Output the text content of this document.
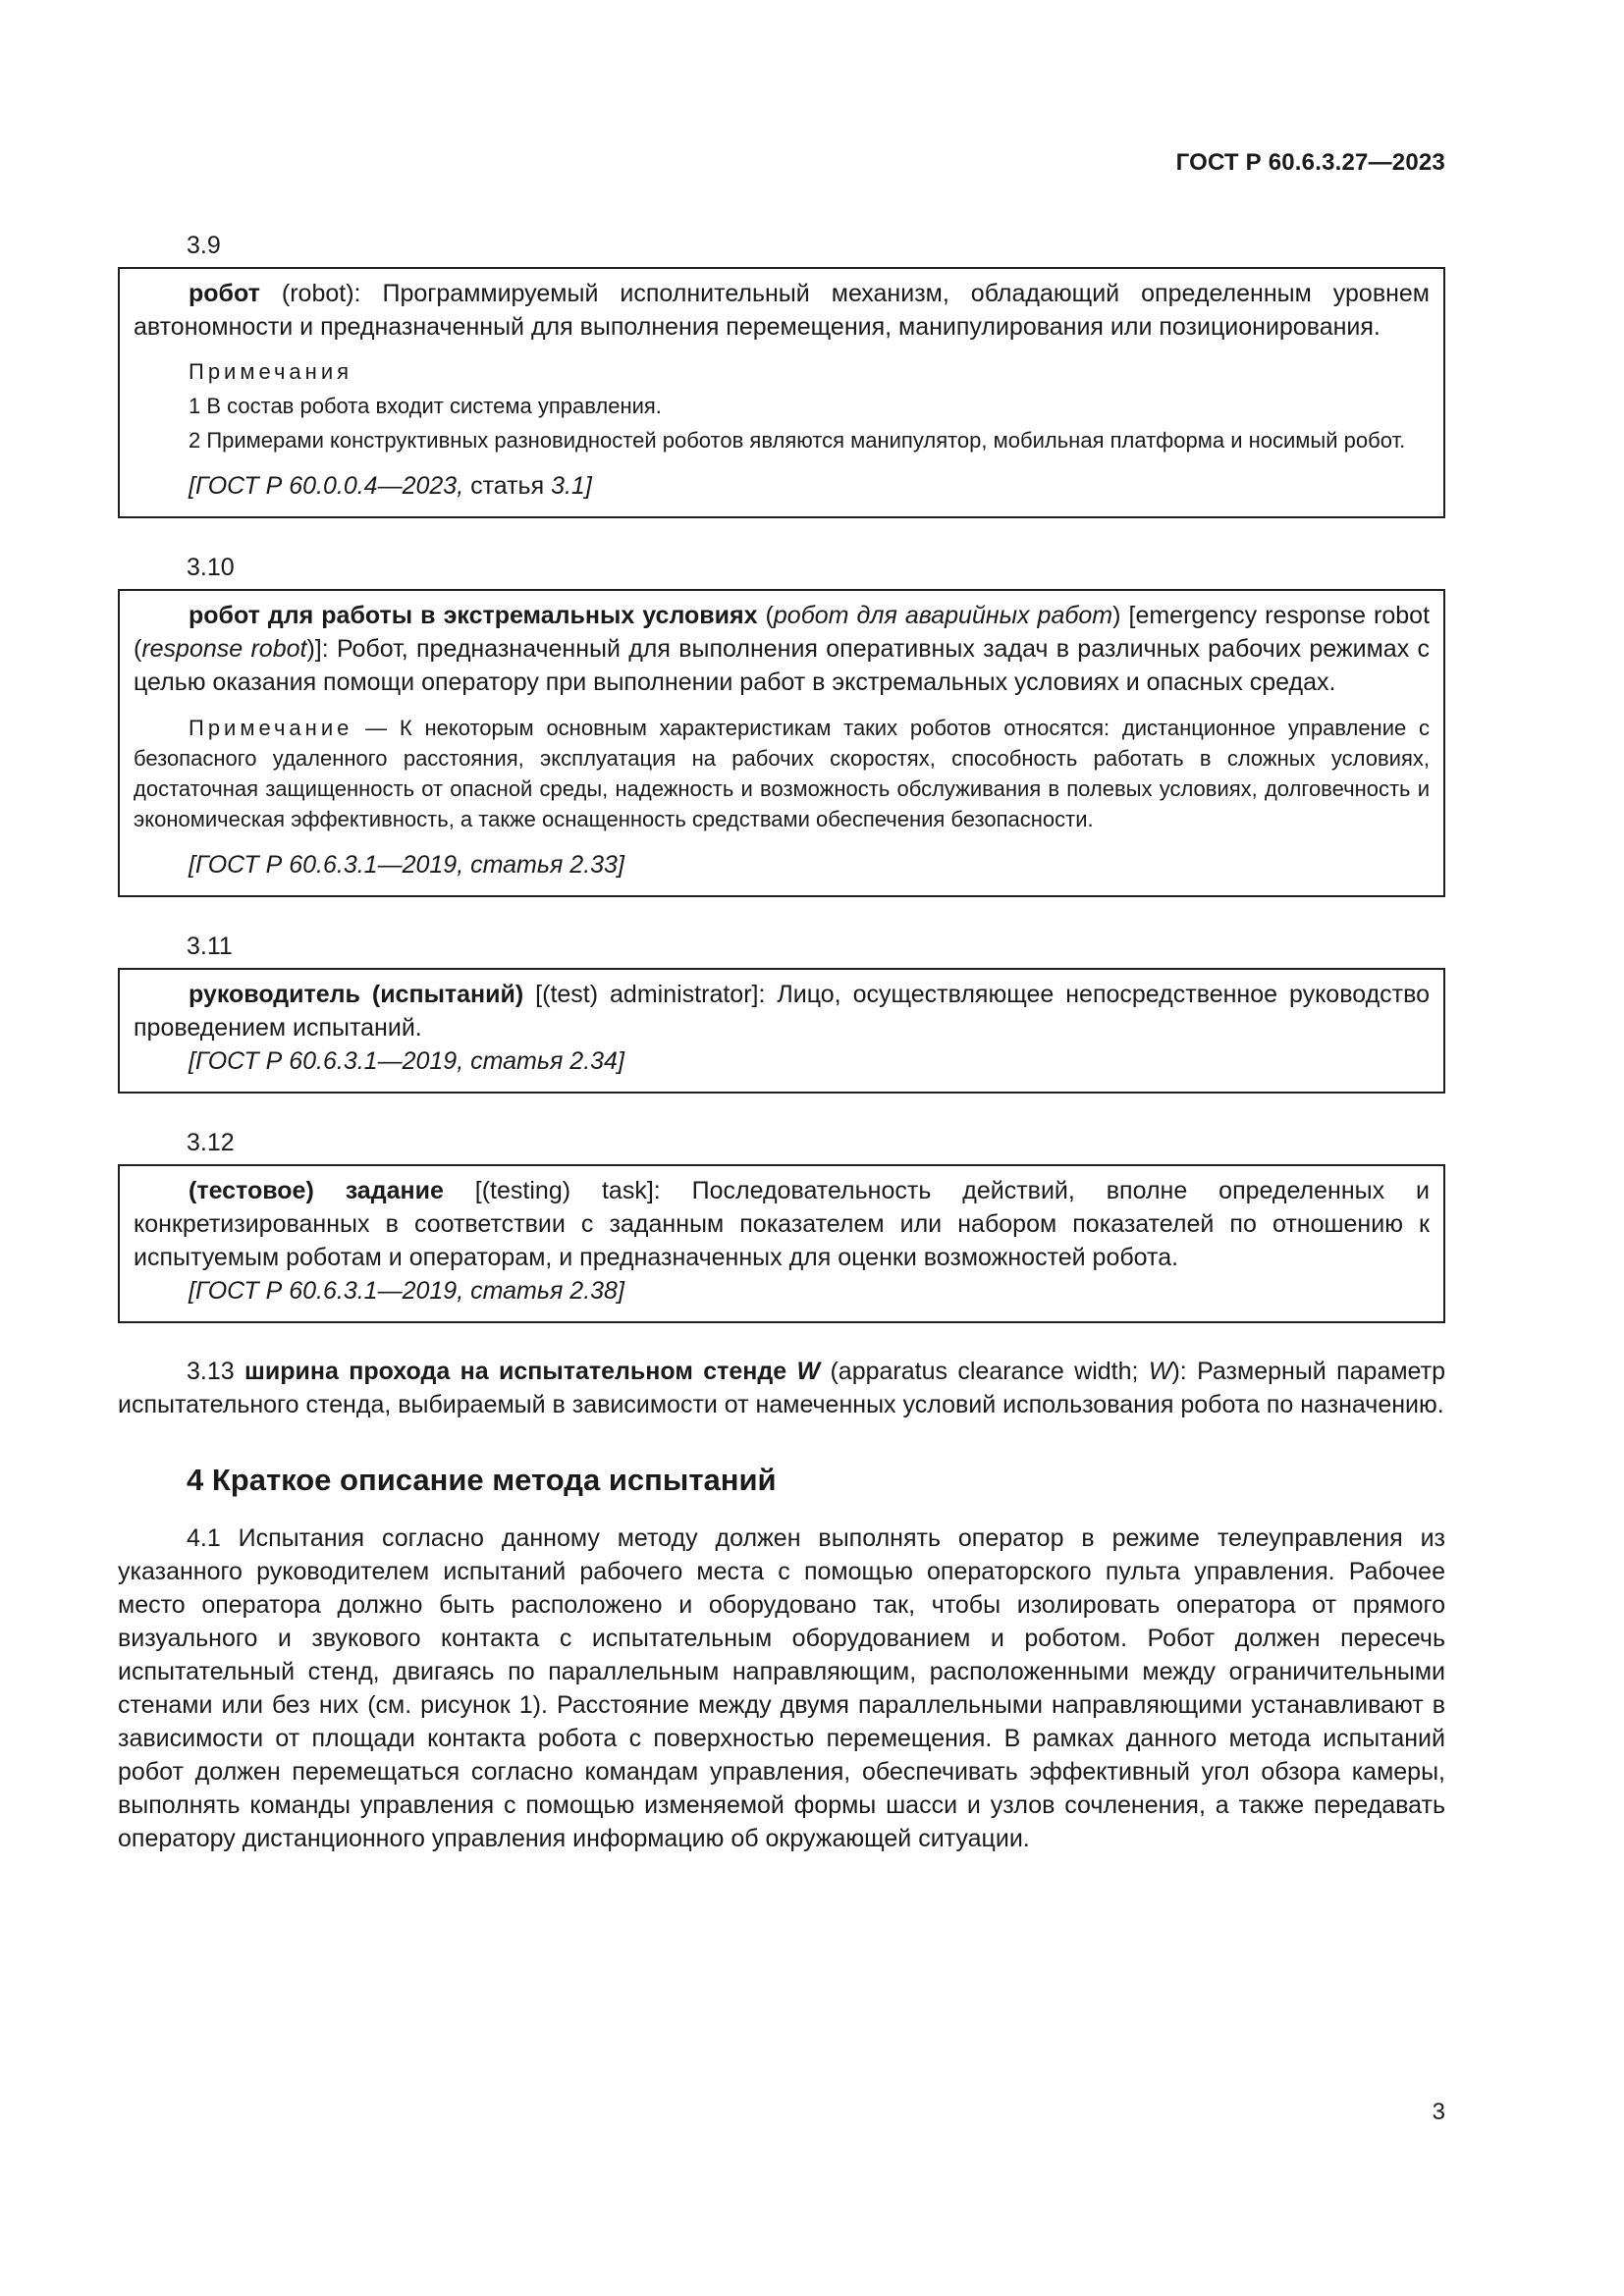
ГОСТ Р 60.6.3.27—2023
3.9

робот (robot): Программируемый исполнительный механизм, обладающий определенным уровнем автономности и предназначенный для выполнения перемещения, манипулирования или позиционирования.

Примечания

1 В состав робота входит система управления.

2 Примерами конструктивных разновидностей роботов являются манипулятор, мобильная платформа и носимый робот.

[ГОСТ Р 60.0.0.4—2023, статья 3.1]
3.10

робот для работы в экстремальных условиях (робот для аварийных работ) [emergency response robot (response robot)]: Робот, предназначенный для выполнения оперативных задач в различных рабочих режимах с целью оказания помощи оператору при выполнении работ в экстремальных условиях и опасных средах.

Примечание — К некоторым основным характеристикам таких роботов относятся: дистанционное управление с безопасного удаленного расстояния, эксплуатация на рабочих скоростях, способность работать в сложных условиях, достаточная защищенность от опасной среды, надежность и возможность обслуживания в полевых условиях, долговечность и экономическая эффективность, а также оснащенность средствами обеспечения безопасности.

[ГОСТ Р 60.6.3.1—2019, статья 2.33]
3.11

руководитель (испытаний) [(test) administrator]: Лицо, осуществляющее непосредственное руководство проведением испытаний.

[ГОСТ Р 60.6.3.1—2019, статья 2.34]
3.12

(тестовое) задание [(testing) task]: Последовательность действий, вполне определенных и конкретизированных в соответствии с заданным показателем или набором показателей по отношению к испытуемым роботам и операторам, и предназначенных для оценки возможностей робота.

[ГОСТ Р 60.6.3.1—2019, статья 2.38]

3.13 ширина прохода на испытательном стенде W (apparatus clearance width; W): Размерный параметр испытательного стенда, выбираемый в зависимости от намеченных условий использования робота по назначению.

4 Краткое описание метода испытаний

4.1 Испытания согласно данному методу должен выполнять оператор в режиме телеуправления из указанного руководителем испытаний рабочего места с помощью операторского пульта управления. Рабочее место оператора должно быть расположено и оборудовано так, чтобы изолировать оператора от прямого визуального и звукового контакта с испытательным оборудованием и роботом. Робот должен пересечь испытательный стенд, двигаясь по параллельным направляющим, расположенными между ограничительными стенами или без них (см. рисунок 1). Расстояние между двумя параллельными направляющими устанавливают в зависимости от площади контакта робота с поверхностью перемещения. В рамках данного метода испытаний робот должен перемещаться согласно командам управления, обеспечивать эффективный угол обзора камеры, выполнять команды управления с помощью изменяемой формы шасси и узлов сочленения, а также передавать оператору дистанционного управления информацию об окружающей ситуации.

3
